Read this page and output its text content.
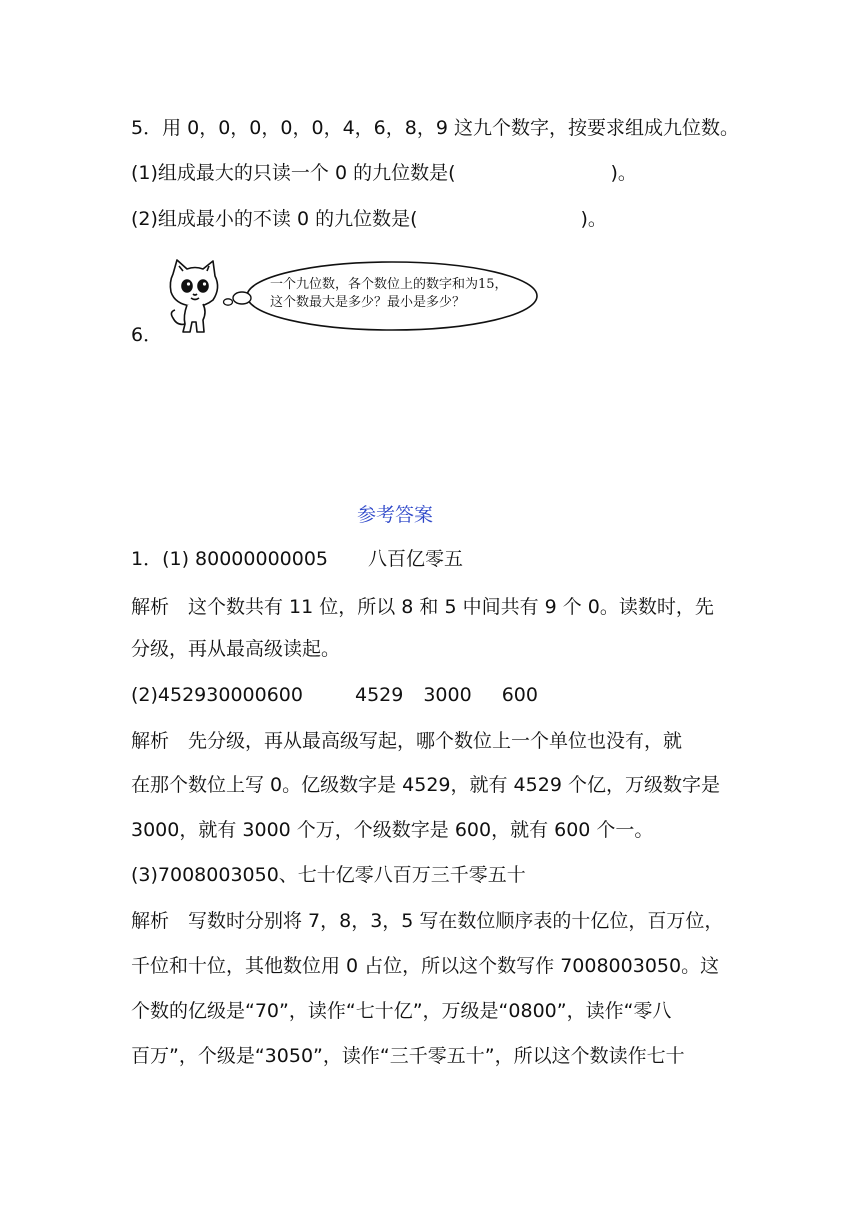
5．用 0，0，0，0，0，4，6，8，9 这九个数字，按要求组成九位数。
(1)组成最大的只读一个 0 的九位数是(	)。
(2)组成最小的不读 0 的九位数是(	)。
6．
一个九位数，各个数位上的数字和为15，
这个数最大是多少？最小是多少？
参考答案
1．(1) 80000000005 八百亿零五
解析　这个数共有 11 位，所以 8 和 5 中间共有 9 个 0。读数时，先
分级，再从最高级读起。
(2)452930000600	4529 3000 600
解析　先分级，再从最高级写起，哪个数位上一个单位也没有，就
在那个数位上写 0。亿级数字是 4529，就有 4529 个亿，万级数字是
3000，就有 3000 个万，个级数字是 600，就有 600 个一。
(3)7008003050、七十亿零八百万三千零五十
解析　写数时分别将 7，8，3，5 写在数位顺序表的十亿位，百万位，
千位和十位，其他数位用 0 占位，所以这个数写作 7008003050。这
个数的亿级是“70”，读作“七十亿”，万级是“0800”，读作“零八
百万”，个级是“3050”，读作“三千零五十”，所以这个数读作七十
